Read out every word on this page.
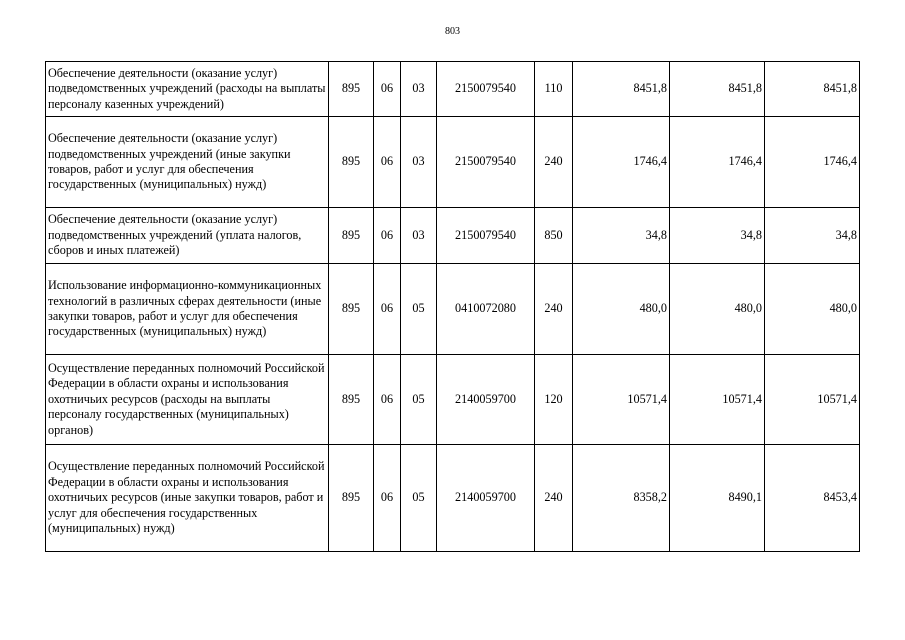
803
Обеспечение деятельности (оказание услуг) подведомственных учреждений (расходы на выплаты персоналу казенных учреждений)	895	06	03	2150079540	110	8451,8	8451,8	8451,8
Обеспечение деятельности (оказание услуг) подведомственных учреждений (иные закупки товаров, работ и услуг для обеспечения государственных (муниципальных) нужд)	895	06	03	2150079540	240	1746,4	1746,4	1746,4
Обеспечение деятельности (оказание услуг) подведомственных учреждений (уплата налогов, сборов и иных платежей)	895	06	03	2150079540	850	34,8	34,8	34,8
Использование информационно-коммуникационных технологий в различных сферах деятельности (иные закупки товаров, работ и услуг для обеспечения государственных (муниципальных) нужд)	895	06	05	0410072080	240	480,0	480,0	480,0
Осуществление переданных полномочий Российской Федерации в области охраны и использования охотничьих ресурсов (расходы на выплаты персоналу государственных (муниципальных) органов)	895	06	05	2140059700	120	10571,4	10571,4	10571,4
Осуществление переданных полномочий Российской Федерации в области охраны и использования охотничьих ресурсов (иные закупки товаров, работ и услуг для обеспечения государственных (муниципальных) нужд)	895	06	05	2140059700	240	8358,2	8490,1	8453,4
